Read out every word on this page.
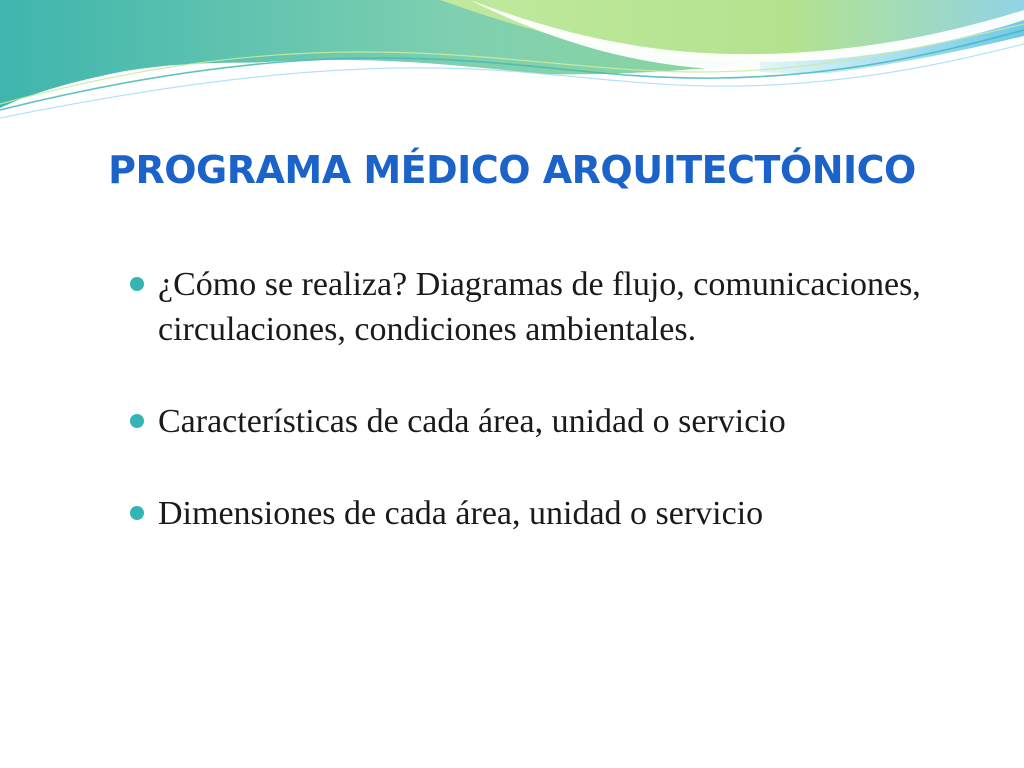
PROGRAMA MÉDICO ARQUITECTÓNICO
¿Cómo se realiza? Diagramas de flujo, comunicaciones, circulaciones, condiciones ambientales.
Características de cada área, unidad o servicio
Dimensiones de cada área, unidad o servicio
